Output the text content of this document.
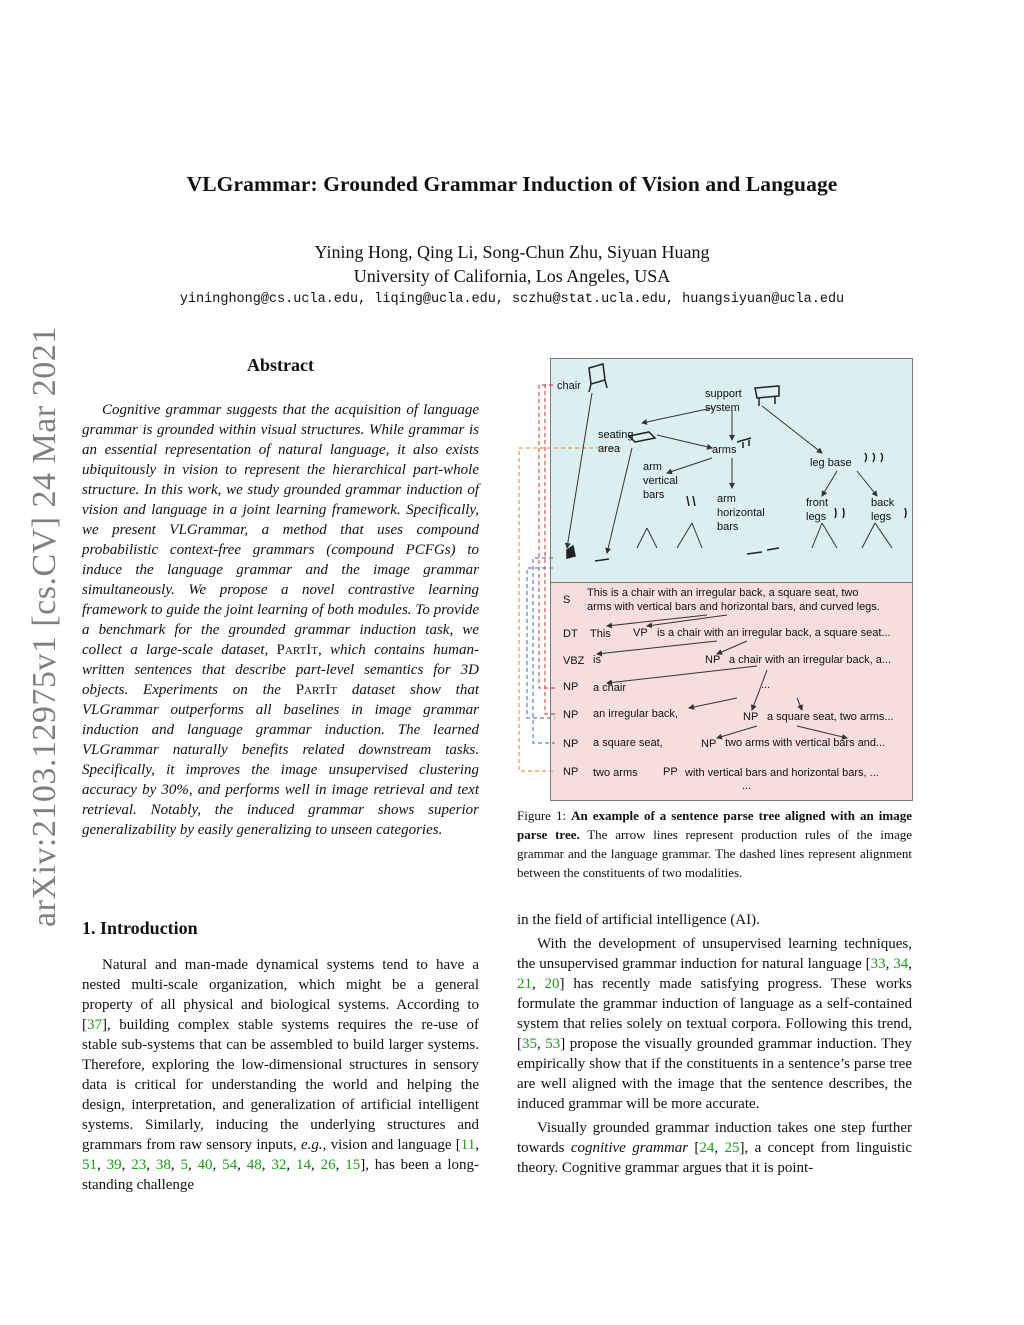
arXiv:2103.12975v1 [cs.CV] 24 Mar 2021
VLGrammar: Grounded Grammar Induction of Vision and Language
Yining Hong, Qing Li, Song-Chun Zhu, Siyuan Huang
University of California, Los Angeles, USA
yininghong@cs.ucla.edu, liqing@ucla.edu, sczhu@stat.ucla.edu, huangsiyuan@ucla.edu
Abstract

Cognitive grammar suggests that the acquisition of language grammar is grounded within visual structures. While grammar is an essential representation of natural language, it also exists ubiquitously in vision to represent the hierarchical part-whole structure. In this work, we study grounded grammar induction of vision and language in a joint learning framework. Specifically, we present VLGrammar, a method that uses compound probabilistic context-free grammars (compound PCFGs) to induce the language grammar and the image grammar simultaneously. We propose a novel contrastive learning framework to guide the joint learning of both modules. To provide a benchmark for the grounded grammar induction task, we collect a large-scale dataset, PartIt, which contains human-written sentences that describe part-level semantics for 3D objects. Experiments on the PartIt dataset show that VLGrammar outperforms all baselines in image grammar induction and language grammar induction. The learned VLGrammar naturally benefits related downstream tasks. Specifically, it improves the image unsupervised clustering accuracy by 30%, and performs well in image retrieval and text retrieval. Notably, the induced grammar shows superior generalizability by easily generalizing to unseen categories.

1. Introduction

Natural and man-made dynamical systems tend to have a nested multi-scale organization, which might be a general property of all physical and biological systems. According to [37], building complex stable systems requires the re-use of stable sub-systems that can be assembled to build larger systems. Therefore, exploring the low-dimensional structures in sensory data is critical for understanding the world and helping the design, interpretation, and generalization of artificial intelligent systems. Similarly, inducing the underlying structures and grammars from raw sensory inputs, e.g., vision and language [11, 51, 39, 23, 38, 5, 40, 54, 48, 32, 14, 26, 15], has been a long-standing challenge

chair
support
system
seating
area	arms
leg base
arm
vertical
bars	arm
horizontal
bars
front
legs
back
legs
S
This is a chair with an irregular back, a square seat, two
arms with vertical bars and horizontal bars, and curved legs.
DT This VP is a chair with an irregular back, a square seat...
VBZ is	NP a chair with an irregular back, a...
...
NP a chair
NP an irregular back,	NP a square seat, two arms...
NP a square seat,	NP two arms with vertical bars and...
NP two arms PP with vertical bars and horizontal bars, ...
...
Figure 1: An example of a sentence parse tree aligned with an image parse tree. The arrow lines represent production rules of the image grammar and the language grammar. The dashed lines represent alignment between the constituents of two modalities.

in the field of artificial intelligence (AI).

With the development of unsupervised learning techniques, the unsupervised grammar induction for natural language [33, 34, 21, 20] has recently made satisfying progress. These works formulate the grammar induction of language as a self-contained system that relies solely on textual corpora. Following this trend, [35, 53] propose the visually grounded grammar induction. They empirically show that if the constituents in a sentence’s parse tree are well aligned with the image that the sentence describes, the induced grammar will be more accurate.

Visually grounded grammar induction takes one step further towards cognitive grammar [24, 25], a concept from linguistic theory. Cognitive grammar argues that it is point-
